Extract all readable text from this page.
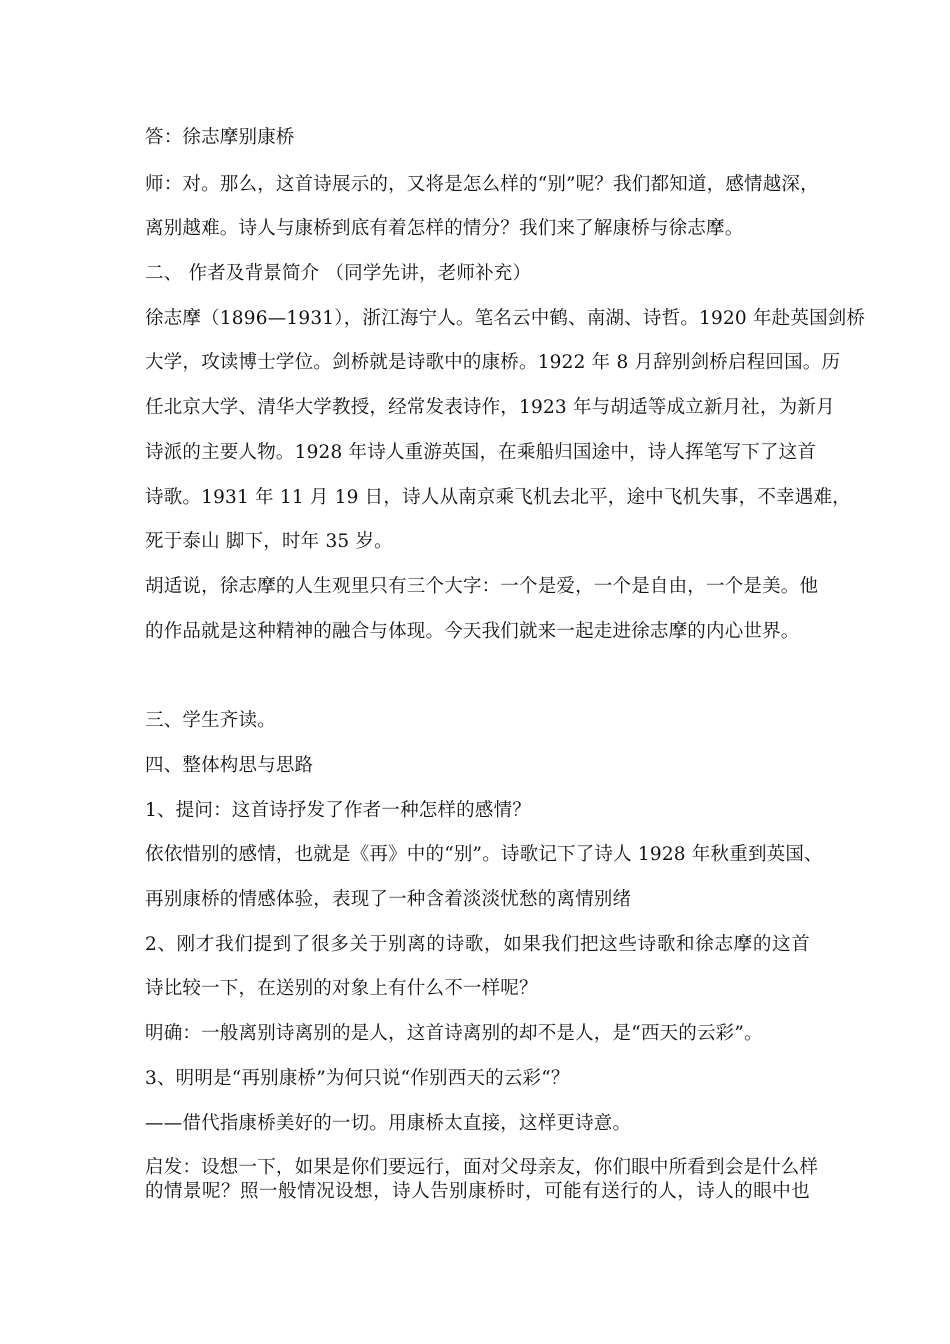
答：徐志摩别康桥
师：对。那么，这首诗展示的，又将是怎么样的“别”呢？我们都知道，感情越深，
离别越难。诗人与康桥到底有着怎样的情分？我们来了解康桥与徐志摩。
二、 作者及背景简介 （同学先讲，老师补充）
徐志摩（1896—1931），浙江海宁人。笔名云中鹤、南湖、诗哲。1920 年赴英国剑桥
大学，攻读博士学位。剑桥就是诗歌中的康桥。1922 年 8 月辞别剑桥启程回国。历
任北京大学、清华大学教授，经常发表诗作，1923 年与胡适等成立新月社，为新月
诗派的主要人物。1928 年诗人重游英国，在乘船归国途中，诗人挥笔写下了这首
诗歌。1931 年 11 月 19 日，诗人从南京乘飞机去北平，途中飞机失事，不幸遇难，
死于泰山 脚下，时年 35 岁。
胡适说，徐志摩的人生观里只有三个大字：一个是爱，一个是自由，一个是美。他
的作品就是这种精神的融合与体现。今天我们就来一起走进徐志摩的内心世界。
三、学生齐读。
四、整体构思与思路
1、提问：这首诗抒发了作者一种怎样的感情？
依依惜别的感情，也就是《再》中的“别”。诗歌记下了诗人 1928 年秋重到英国、
再别康桥的情感体验，表现了一种含着淡淡忧愁的离情别绪
2、刚才我们提到了很多关于别离的诗歌，如果我们把这些诗歌和徐志摩的这首
诗比较一下，在送别的对象上有什么不一样呢？
明确：一般离别诗离别的是人，这首诗离别的却不是人，是“西天的云彩”。
3、明明是“再别康桥”为何只说“作别西天的云彩“？
——借代指康桥美好的一切。用康桥太直接，这样更诗意。
启发：设想一下，如果是你们要远行，面对父母亲友，你们眼中所看到会是什么样
的情景呢？照一般情况设想，诗人告别康桥时，可能有送行的人，诗人的眼中也
